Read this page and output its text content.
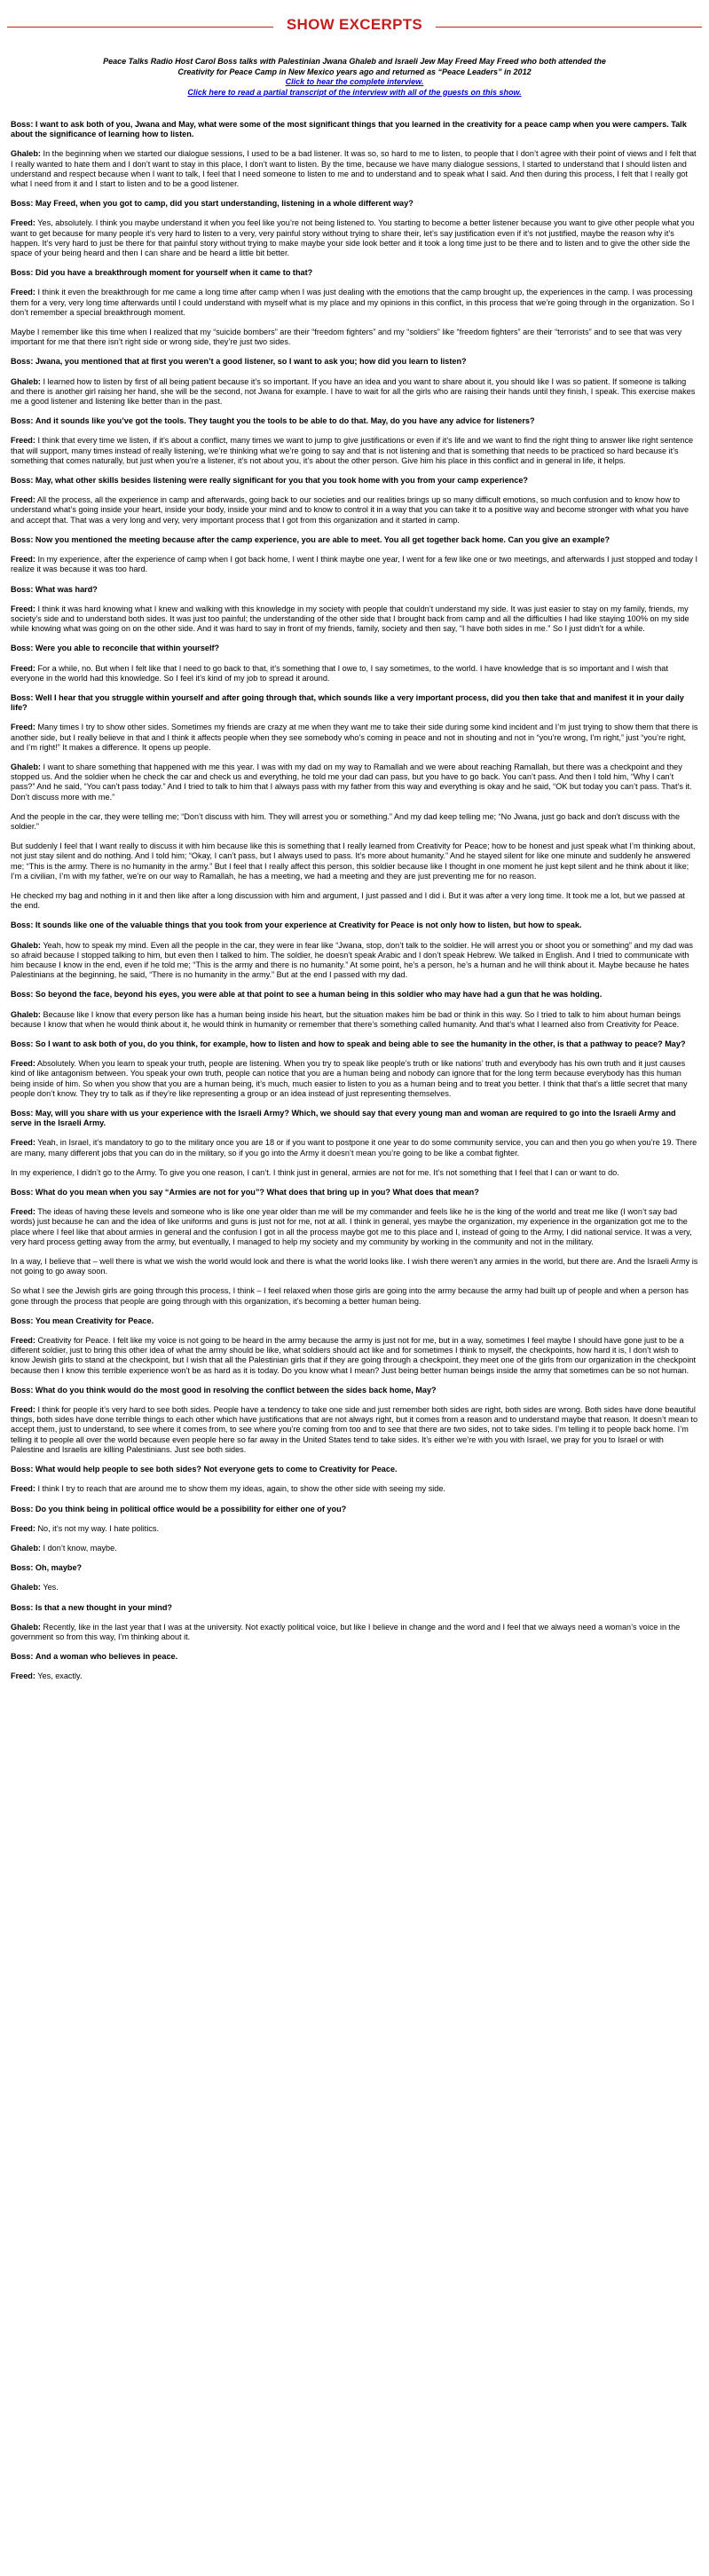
SHOW EXCERPTS
Peace Talks Radio Host Carol Boss talks with Palestinian Jwana Ghaleb and Israeli Jew May Freed May Freed who both attended the
Creativity for Peace Camp in New Mexico years ago and returned as “Peace Leaders” in 2012
Click to hear the complete interview.
Click here to read a partial transcript of the interview with all of the guests on this show.

Boss: I want to ask both of you, Jwana and May, what were some of the most significant things that you learned in the creativity for a peace camp when you were campers. Talk about the significance of learning how to listen.

Ghaleb: In the beginning when we started our dialogue sessions, I used to be a bad listener. It was so, so hard to me to listen, to people that I don’t agree with their point of views and I felt that I really wanted to hate them and I don’t want to stay in this place, I don’t want to listen. By the time, because we have many dialogue sessions, I started to understand that I should listen and understand and respect because when I want to talk, I feel that I need someone to listen to me and to understand and to speak what I said. And then during this process, I felt that I really got what I need from it and I start to listen and to be a good listener.

Boss: May Freed, when you got to camp, did you start understanding, listening in a whole different way?

Freed: Yes, absolutely. I think you maybe understand it when you feel like you’re not being listened to. You starting to become a better listener because you want to give other people what you want to get because for many people it’s very hard to listen to a very, very painful story without trying to share their, let’s say justification even if it’s not justified, maybe the reason why it’s happen. It’s very hard to just be there for that painful story without trying to make maybe your side look better and it took a long time just to be there and to listen and to give the other side the space of your being heard and then I can share and be heard a little bit better.

Boss: Did you have a breakthrough moment for yourself when it came to that?

Freed: I think it even the breakthrough for me came a long time after camp when I was just dealing with the emotions that the camp brought up, the experiences in the camp. I was processing them for a very, very long time afterwards until I could understand with myself what is my place and my opinions in this conflict, in this process that we’re going through in the organization. So I don’t remember a special breakthrough moment.

Maybe I remember like this time when I realized that my “suicide bombers” are their “freedom fighters” and my “soldiers” like “freedom fighters” are their “terrorists” and to see that was very important for me that there isn’t right side or wrong side, they’re just two sides.

Boss: Jwana, you mentioned that at first you weren’t a good listener, so I want to ask you; how did you learn to listen?

Ghaleb: I learned how to listen by first of all being patient because it’s so important. If you have an idea and you want to share about it, you should like I was so patient. If someone is talking and there is another girl raising her hand, she will be the second, not Jwana for example. I have to wait for all the girls who are raising their hands until they finish, I speak. This exercise makes me a good listener and listening like better than in the past.

Boss: And it sounds like you’ve got the tools. They taught you the tools to be able to do that. May, do you have any advice for listeners?

Freed: I think that every time we listen, if it’s about a conflict, many times we want to jump to give justifications or even if it’s life and we want to find the right thing to answer like right sentence that will support, many times instead of really listening, we’re thinking what we’re going to say and that is not listening and that is something that needs to be practiced so hard because it’s something that comes naturally, but just when you’re a listener, it’s not about you, it’s about the other person. Give him his place in this conflict and in general in life, it helps.

Boss: May, what other skills besides listening were really significant for you that you took home with you from your camp experience?

Freed: All the process, all the experience in camp and afterwards, going back to our societies and our realities brings up so many difficult emotions, so much confusion and to know how to understand what’s going inside your heart, inside your body, inside your mind and to know to control it in a way that you can take it to a positive way and become stronger with what you have and accept that. That was a very long and very, very important process that I got from this organization and it started in camp.

Boss: Now you mentioned the meeting because after the camp experience, you are able to meet. You all get together back home. Can you give an example?

Freed: In my experience, after the experience of camp when I got back home, I went I think maybe one year, I went for a few like one or two meetings, and afterwards I just stopped and today I realize it was because it was too hard.

Boss: What was hard?

Freed: I think it was hard knowing what I knew and walking with this knowledge in my society with people that couldn’t understand my side. It was just easier to stay on my family, friends, my society’s side and to understand both sides. It was just too painful; the understanding of the other side that I brought back from camp and all the difficulties I had like staying 100% on my side while knowing what was going on on the other side. And it was hard to say in front of my friends, family, society and then say, “I have both sides in me.” So I just didn’t for a while.

Boss: Were you able to reconcile that within yourself?

Freed: For a while, no. But when I felt like that I need to go back to that, it’s something that I owe to, I say sometimes, to the world. I have knowledge that is so important and I wish that everyone in the world had this knowledge. So I feel it’s kind of my job to spread it around.

Boss: Well I hear that you struggle within yourself and after going through that, which sounds like a very important process, did you then take that and manifest it in your daily life?

Freed: Many times I try to show other sides. Sometimes my friends are crazy at me when they want me to take their side during some kind incident and I’m just trying to show them that there is another side, but I really believe in that and I think it affects people when they see somebody who’s coming in peace and not in shouting and not in “you’re wrong, I’m right,” just “you’re right, and I’m right!” It makes a difference. It opens up people.

Ghaleb: I want to share something that happened with me this year. I was with my dad on my way to Ramallah and we were about reaching Ramallah, but there was a checkpoint and they stopped us. And the soldier when he check the car and check us and everything, he told me your dad can pass, but you have to go back. You can’t pass. And then I told him, “Why I can’t pass?” And he said, “You can’t pass today.” And I tried to talk to him that I always pass with my father from this way and everything is okay and he said, “OK but today you can’t pass. That’s it. Don’t discuss more with me.”

And the people in the car, they were telling me; “Don’t discuss with him. They will arrest you or something.” And my dad keep telling me; “No Jwana, just go back and don’t discuss with the soldier.”

But suddenly I feel that I want really to discuss it with him because like this is something that I really learned from Creativity for Peace; how to be honest and just speak what I’m thinking about, not just stay silent and do nothing. And I told him; “Okay, I can’t pass, but I always used to pass. It’s more about humanity.” And he stayed silent for like one minute and suddenly he answered me; “This is the army. There is no humanity in the army.” But I feel that I really affect this person, this soldier because like I thought in one moment he just kept silent and he think about it like; I’m a civilian, I’m with my father, we’re on our way to Ramallah, he has a meeting, we had a meeting and they are just preventing me for no reason.

He checked my bag and nothing in it and then like after a long discussion with him and argument, I just passed and I did i. But it was after a very long time. It took me a lot, but we passed at the end.

Boss: It sounds like one of the valuable things that you took from your experience at Creativity for Peace is not only how to listen, but how to speak.

Ghaleb: Yeah, how to speak my mind. Even all the people in the car, they were in fear like “Jwana, stop, don’t talk to the soldier. He will arrest you or shoot you or something” and my dad was so afraid because I stopped talking to him, but even then I talked to him. The soldier, he doesn’t speak Arabic and I don’t speak Hebrew. We talked in English. And I tried to communicate with him because I know in the end, even if he told me; “This is the army and there is no humanity.” At some point, he’s a person, he’s a human and he will think about it. Maybe because he hates Palestinians at the beginning, he said, “There is no humanity in the army.” But at the end I passed with my dad.

Boss: So beyond the face, beyond his eyes, you were able at that point to see a human being in this soldier who may have had a gun that he was holding.

Ghaleb: Because like I know that every person like has a human being inside his heart, but the situation makes him be bad or think in this way. So I tried to talk to him about human beings because I know that when he would think about it, he would think in humanity or remember that there’s something called humanity. And that’s what I learned also from Creativity for Peace.

Boss: So I want to ask both of you, do you think, for example, how to listen and how to speak and being able to see the humanity in the other, is that a pathway to peace? May?

Freed: Absolutely. When you learn to speak your truth, people are listening. When you try to speak like people’s truth or like nations’ truth and everybody has his own truth and it just causes kind of like antagonism between. You speak your own truth, people can notice that you are a human being and nobody can ignore that for the long term because everybody has this human being inside of him. So when you show that you are a human being, it’s much, much easier to listen to you as a human being and to treat you better. I think that that’s a little secret that many people don’t know. They try to talk as if they’re like representing a group or an idea instead of just representing themselves.

Boss: May, will you share with us your experience with the Israeli Army? Which, we should say that every young man and woman are required to go into the Israeli Army and serve in the Israeli Army.

Freed: Yeah, in Israel, it’s mandatory to go to the military once you are 18 or if you want to postpone it one year to do some community service, you can and then you go when you’re 19. There are many, many different jobs that you can do in the military, so if you go into the Army it doesn’t mean you’re going to be like a combat fighter.

In my experience, I didn’t go to the Army. To give you one reason, I can’t. I think just in general, armies are not for me. It’s not something that I feel that I can or want to do.

Boss: What do you mean when you say “Armies are not for you”? What does that bring up in you? What does that mean?

Freed: The ideas of having these levels and someone who is like one year older than me will be my commander and feels like he is the king of the world and treat me like (I won’t say bad words) just because he can and the idea of like uniforms and guns is just not for me, not at all. I think in general, yes maybe the organization, my experience in the organization got me to the place where I feel like that about armies in general and the confusion I got in all the process maybe got me to this place and I, instead of going to the Army, I did national service. It was a very, very hard process getting away from the army, but eventually, I managed to help my society and my community by working in the community and not in the military.

In a way, I believe that – well there is what we wish the world would look and there is what the world looks like. I wish there weren’t any armies in the world, but there are. And the Israeli Army is not going to go away soon.

So what I see the Jewish girls are going through this process, I think – I feel relaxed when those girls are going into the army because the army had built up of people and when a person has gone through the process that people are going through with this organization, it’s becoming a better human being.

Boss: You mean Creativity for Peace.

Freed: Creativity for Peace. I felt like my voice is not going to be heard in the army because the army is just not for me, but in a way, sometimes I feel maybe I should have gone just to be a different soldier, just to bring this other idea of what the army should be like, what soldiers should act like and for sometimes I think to myself, the checkpoints, how hard it is, I don’t wish to know Jewish girls to stand at the checkpoint, but I wish that all the Palestinian girls that if they are going through a checkpoint, they meet one of the girls from our organization in the checkpoint because then I know this terrible experience won’t be as hard as it is today. Do you know what I mean? Just being better human beings inside the army that sometimes can be so not human.

Boss: What do you think would do the most good in resolving the conflict between the sides back home, May?

Freed: I think for people it’s very hard to see both sides. People have a tendency to take one side and just remember both sides are right, both sides are wrong. Both sides have done beautiful things, both sides have done terrible things to each other which have justifications that are not always right, but it comes from a reason and to understand maybe that reason. It doesn’t mean to accept them, just to understand, to see where it comes from, to see where you’re coming from too and to see that there are two sides, not to take sides. I’m telling it to people back home. I’m telling it to people all over the world because even people here so far away in the United States tend to take sides. It’s either we’re with you with Israel, we pray for you to Israel or with Palestine and Israelis are killing Palestinians. Just see both sides.

Boss: What would help people to see both sides? Not everyone gets to come to Creativity for Peace.

Freed: I think I try to reach that are around me to show them my ideas, again, to show the other side with seeing my side.

Boss: Do you think being in political office would be a possibility for either one of you?

Freed: No, it’s not my way. I hate politics.

Ghaleb: I don’t know, maybe.

Boss: Oh, maybe?

Ghaleb: Yes.

Boss: Is that a new thought in your mind?

Ghaleb: Recently, like in the last year that I was at the university. Not exactly political voice, but like I believe in change and the word and I feel that we always need a woman’s voice in the government so from this way, I’m thinking about it.

Boss: And a woman who believes in peace.

Freed: Yes, exactly.
